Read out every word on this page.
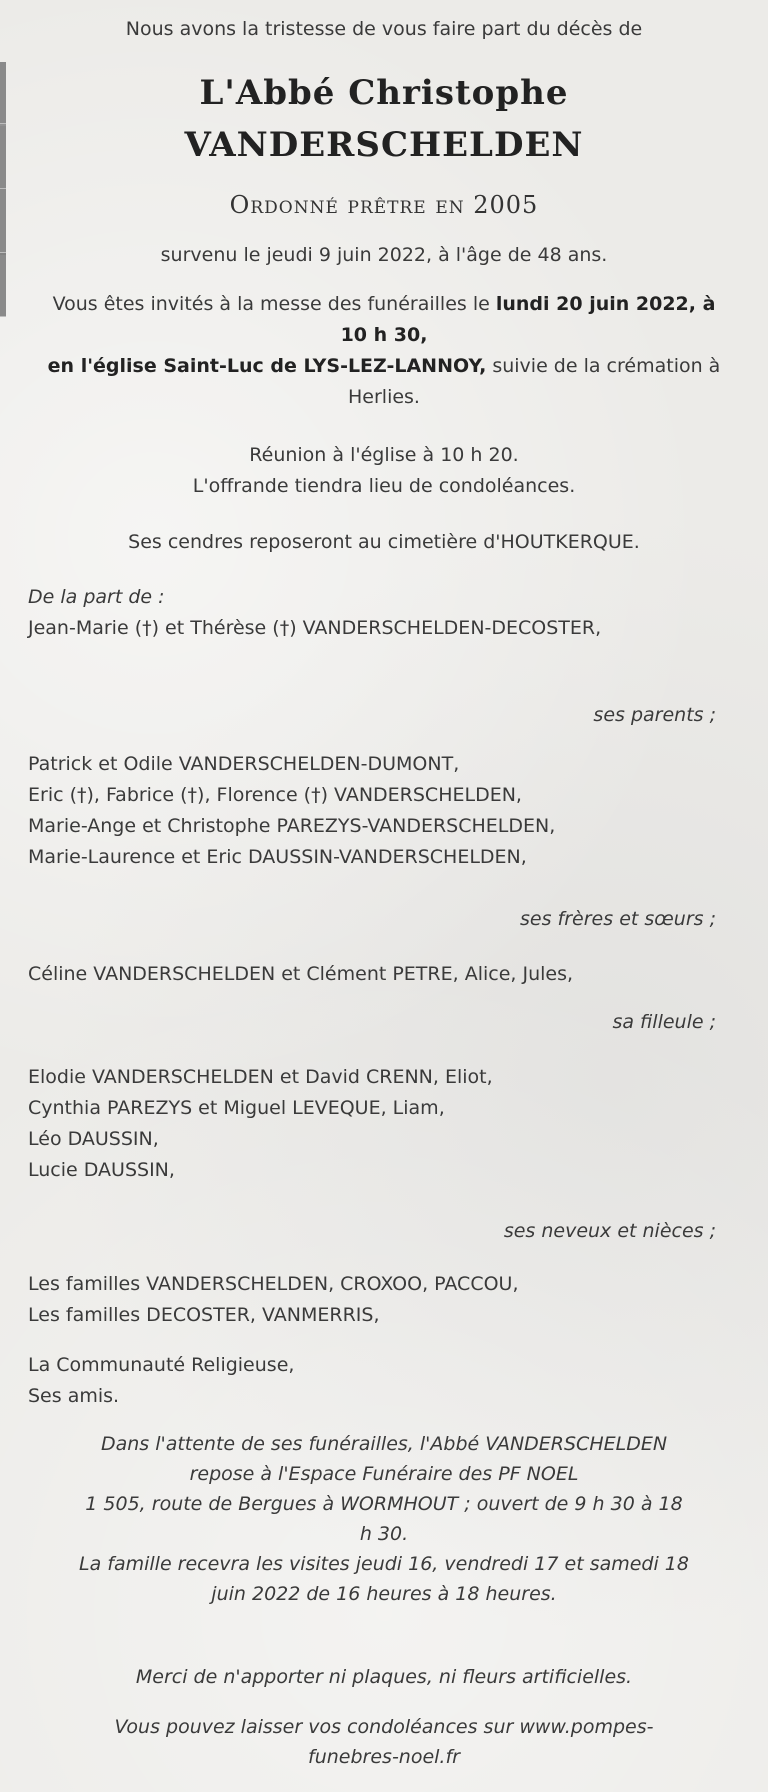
Nous avons la tristesse de vous faire part du décès de
L'Abbé Christophe
VANDERSCHELDEN
Ordonné prêtre en 2005
survenu le jeudi 9 juin 2022, à l'âge de 48 ans.
Vous êtes invités à la messe des funérailles le lundi 20 juin 2022, à 10 h 30,
en l'église Saint-Luc de LYS-LEZ-LANNOY, suivie de la crémation à Herlies.
Réunion à l'église à 10 h 20.
L'offrande tiendra lieu de condoléances.
Ses cendres reposeront au cimetière d'HOUTKERQUE.
De la part de :
Jean-Marie (†) et Thérèse (†) VANDERSCHELDEN-DECOSTER,
ses parents ;
Patrick et Odile VANDERSCHELDEN-DUMONT,
Eric (†), Fabrice (†), Florence (†) VANDERSCHELDEN,
Marie-Ange et Christophe PAREZYS-VANDERSCHELDEN,
Marie-Laurence et Eric DAUSSIN-VANDERSCHELDEN,
ses frères et sœurs ;
Céline VANDERSCHELDEN et Clément PETRE, Alice, Jules,
sa filleule ;
Elodie VANDERSCHELDEN et David CRENN, Eliot,
Cynthia PAREZYS et Miguel LEVEQUE, Liam,
Léo DAUSSIN,
Lucie DAUSSIN,
ses neveux et nièces ;
Les familles VANDERSCHELDEN, CROXOO, PACCOU,
Les familles DECOSTER, VANMERRIS,
La Communauté Religieuse,
Ses amis.
Dans l'attente de ses funérailles, l'Abbé VANDERSCHELDEN
repose à l'Espace Funéraire des PF NOEL
1 505, route de Bergues à WORMHOUT ; ouvert de 9 h 30 à 18
h 30.
La famille recevra les visites jeudi 16, vendredi 17 et samedi 18
juin 2022 de 16 heures à 18 heures.
Merci de n'apporter ni plaques, ni fleurs artificielles.
Vous pouvez laisser vos condoléances sur www.pompes-
funebres-noel.fr
